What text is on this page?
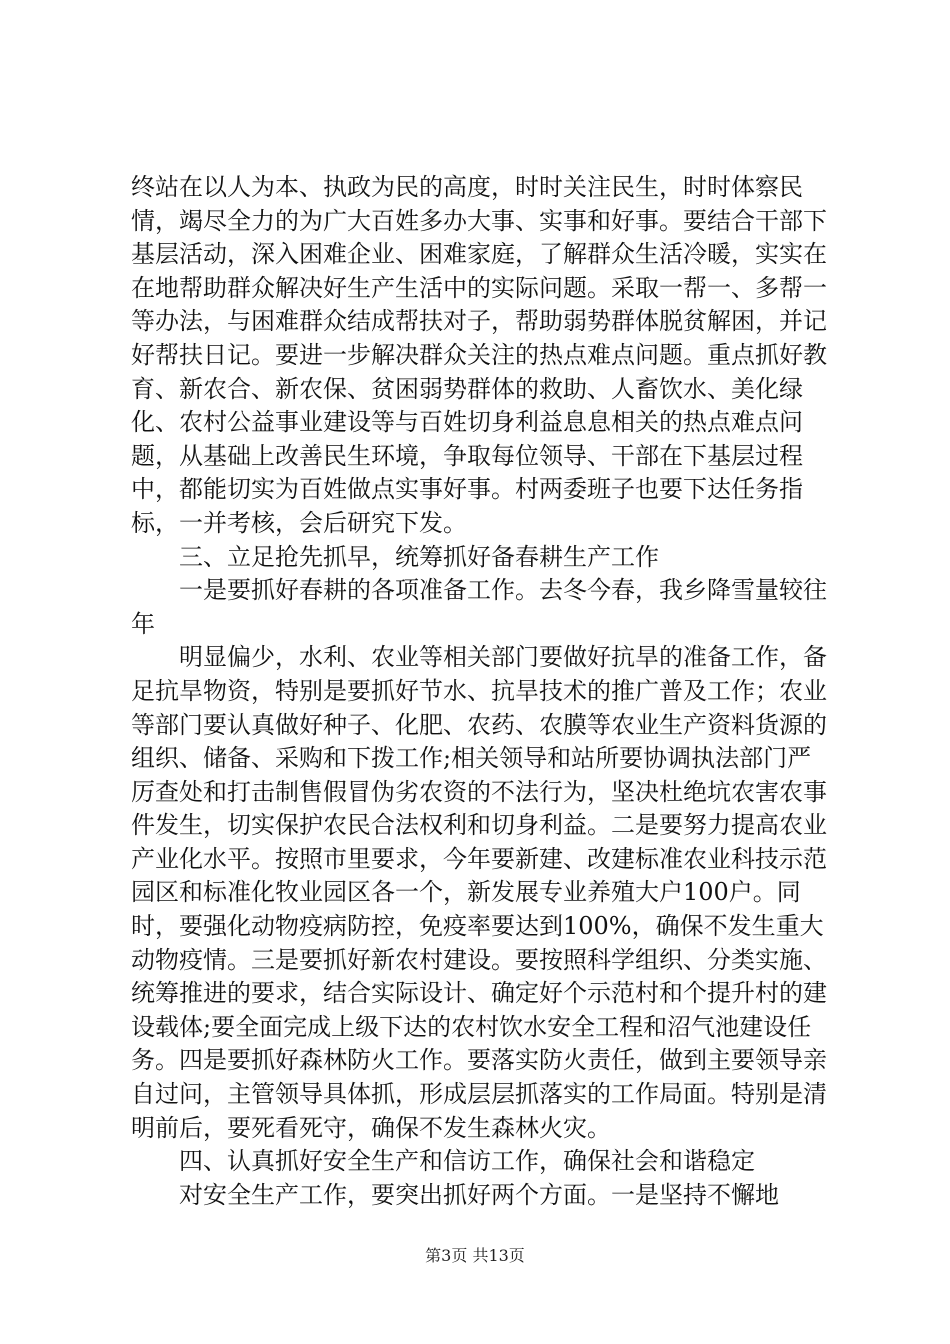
终站在以人为本、执政为民的高度，时时关注民生，时时体察民情，竭尽全力的为广大百姓多办大事、实事和好事。要结合干部下基层活动，深入困难企业、困难家庭，了解群众生活冷暖，实实在在地帮助群众解决好生产生活中的实际问题。采取一帮一、多帮一等办法，与困难群众结成帮扶对子，帮助弱势群体脱贫解困，并记好帮扶日记。要进一步解决群众关注的热点难点问题。重点抓好教育、新农合、新农保、贫困弱势群体的救助、人畜饮水、美化绿化、农村公益事业建设等与百姓切身利益息息相关的热点难点问题，从基础上改善民生环境，争取每位领导、干部在下基层过程中，都能切实为百姓做点实事好事。村两委班子也要下达任务指标，一并考核，会后研究下发。

三、立足抢先抓早，统筹抓好备春耕生产工作

一是要抓好春耕的各项准备工作。去冬今春，我乡降雪量较往年

明显偏少，水利、农业等相关部门要做好抗旱的准备工作，备足抗旱物资，特别是要抓好节水、抗旱技术的推广普及工作；农业等部门要认真做好种子、化肥、农药、农膜等农业生产资料货源的组织、储备、采购和下拨工作;相关领导和站所要协调执法部门严厉查处和打击制售假冒伪劣农资的不法行为，坚决杜绝坑农害农事件发生，切实保护农民合法权利和切身利益。二是要努力提高农业产业化水平。按照市里要求，今年要新建、改建标准农业科技示范园区和标准化牧业园区各一个，新发展专业养殖大户100户。同时，要强化动物疫病防控，免疫率要达到100%，确保不发生重大动物疫情。三是要抓好新农村建设。要按照科学组织、分类实施、统筹推进的要求，结合实际设计、确定好个示范村和个提升村的建设载体;要全面完成上级下达的农村饮水安全工程和沼气池建设任务。四是要抓好森林防火工作。要落实防火责任，做到主要领导亲自过问，主管领导具体抓，形成层层抓落实的工作局面。特别是清明前后，要死看死守，确保不发生森林火灾。

四、认真抓好安全生产和信访工作，确保社会和谐稳定

对安全生产工作，要突出抓好两个方面。一是坚持不懈地

第3页 共13页
